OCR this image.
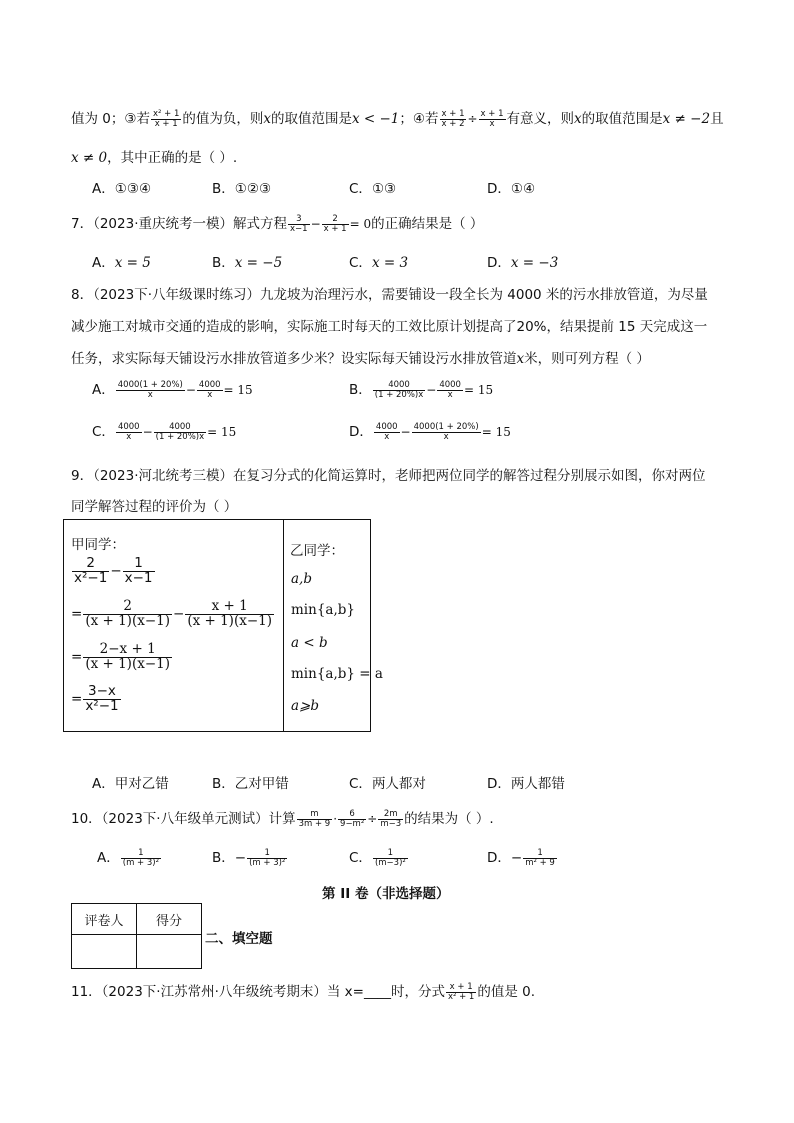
值为 0；③若 $\frac{\text{x² + 1}}{x + 1}$ 的值为负，则x的取值范围是x < −1；④若 $\frac{x + 1}{x + 2} \div \frac{x + 1}{x}$ 有意义，则x的取值范围是x ≠ −2且
x ≠ 0，其中正确的是（ ）.
A．①③④	B．①②③	C．①③	D．①④
7．（2023·重庆统考一模）解式方程 $\frac{3}{x-1} - \frac{2}{x + 1} = 0$的正确结果是（ ）
A．x = 5	B．x = −5	C．x = 3	D．x = −3
8．（2023下·八年级课时练习）九龙坡为治理污水，需要铺设一段全长为 4000 米的污水排放管道，为尽量
减少施工对城市交通的造成的影响，实际施工时每天的工效比原计划提高了20%，结果提前 15 天完成这一
任务，求实际每天铺设污水排放管道多少米？设实际每天铺设污水排放管道x米，则可列方程（ ）
A． $\frac{4000(1 + 20\%)}{x} - \frac{4000}{x} = 15$	B． $\frac{4000}{(1 + 20\%)x} - \frac{4000}{x} = 15$
C． $\frac{4000}{x} - \frac{4000}{(1 + 20\%)x} = 15$	D． $\frac{4000}{x} - \frac{4000(1 + 20\%)}{x} = 15$
9．（2023·河北统考三模）在复习分式的化简运算时，老师把两位同学的解答过程分别展示如图，你对两位
同学解答过程的评价为（ ）
甲同学：
$\frac{2}{\text{x²−1}} - \frac{1}{x-1}$
= $\frac{2}{(x + 1)(x-1)} - \frac{x + 1}{(x + 1)(x-1)}$
= $\frac{2-x + 1}{(x + 1)(x-1)}$
= $\frac{3-x}{\text{x²−1}}$
乙同学：
a,b
min{a,b}
a < b
min{a,b} = a
a⩾b
A．甲对乙错	B．乙对甲错	C．两人都对	D．两人都错
10．（2023下·八年级单元测试）计算 $\frac{m}{3m + 9} \cdot \frac{6}{\text{9−m²}} \div \frac{2m}{m-3}$ 的结果为（ ）.
A． $\frac{1}{\text{(m + 3)²}}$	B．− $\frac{1}{\text{(m + 3)²}}$	C． $\frac{1}{\text{(m−3)²}}$	D．− $\frac{1}{\text{m² + 9}}$
第 II 卷（非选择题）
评卷人	得分

二、填空题
11．（2023下·江苏常州·八年级统考期末）当 x=____时，分式 $\frac{x + 1}{\text{x² + 1}}$ 的值是 0.
